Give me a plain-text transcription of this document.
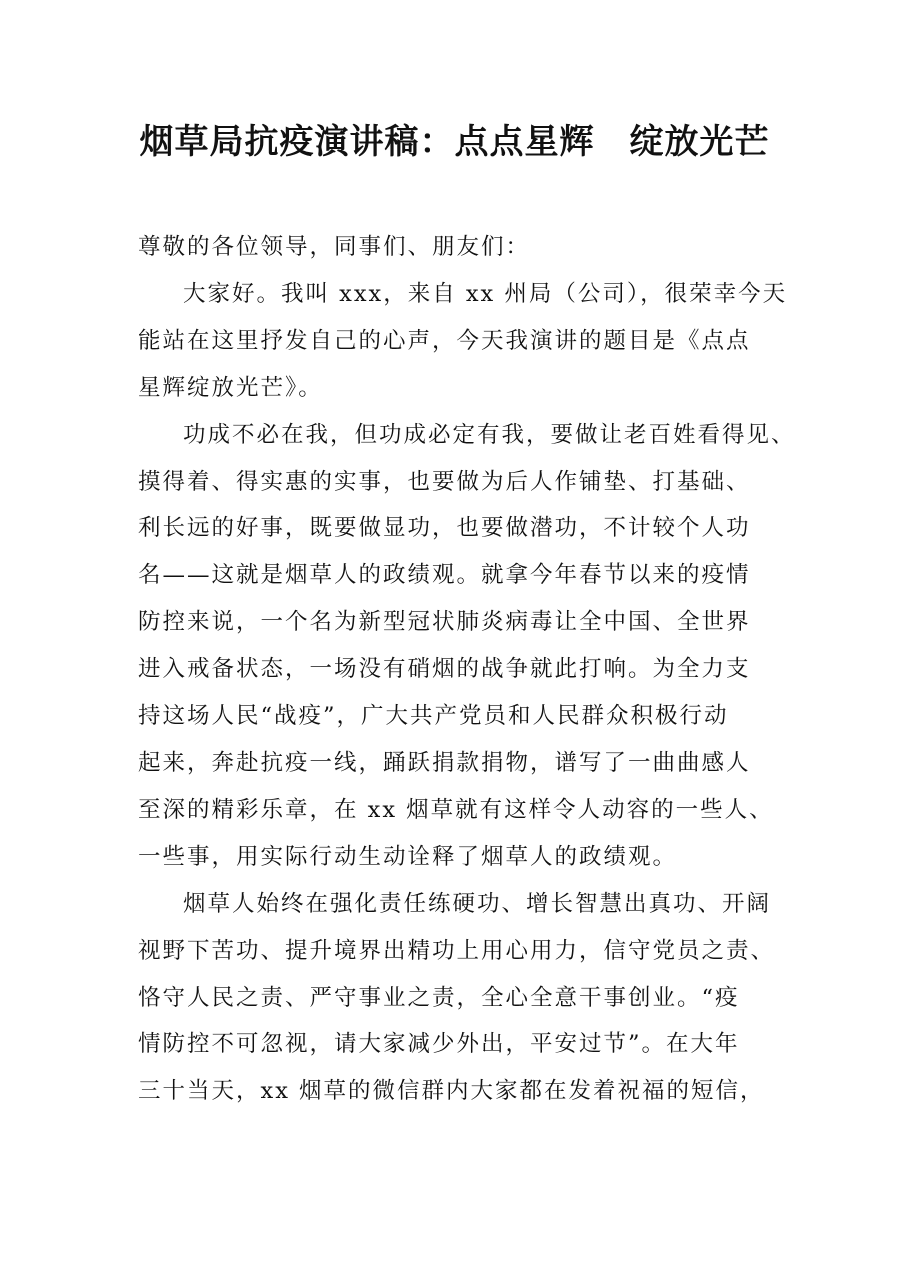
烟草局抗疫演讲稿：点点星辉　绽放光芒
尊敬的各位领导，同事们、朋友们：
大家好。我叫 xxx，来自 xx 州局（公司），很荣幸今天
能站在这里抒发自己的心声，今天我演讲的题目是《点点
星辉绽放光芒》。
功成不必在我，但功成必定有我，要做让老百姓看得见、
摸得着、得实惠的实事，也要做为后人作铺垫、打基础、
利长远的好事，既要做显功，也要做潜功，不计较个人功
名——这就是烟草人的政绩观。就拿今年春节以来的疫情
防控来说，一个名为新型冠状肺炎病毒让全中国、全世界
进入戒备状态，一场没有硝烟的战争就此打响。为全力支
持这场人民“战疫”，广大共产党员和人民群众积极行动
起来，奔赴抗疫一线，踊跃捐款捐物，谱写了一曲曲感人
至深的精彩乐章，在 xx 烟草就有这样令人动容的一些人、
一些事，用实际行动生动诠释了烟草人的政绩观。
烟草人始终在强化责任练硬功、增长智慧出真功、开阔
视野下苦功、提升境界出精功上用心用力，信守党员之责、
恪守人民之责、严守事业之责，全心全意干事创业。“疫
情防控不可忽视，请大家减少外出，平安过节”。在大年
三十当天，xx 烟草的微信群内大家都在发着祝福的短信，
